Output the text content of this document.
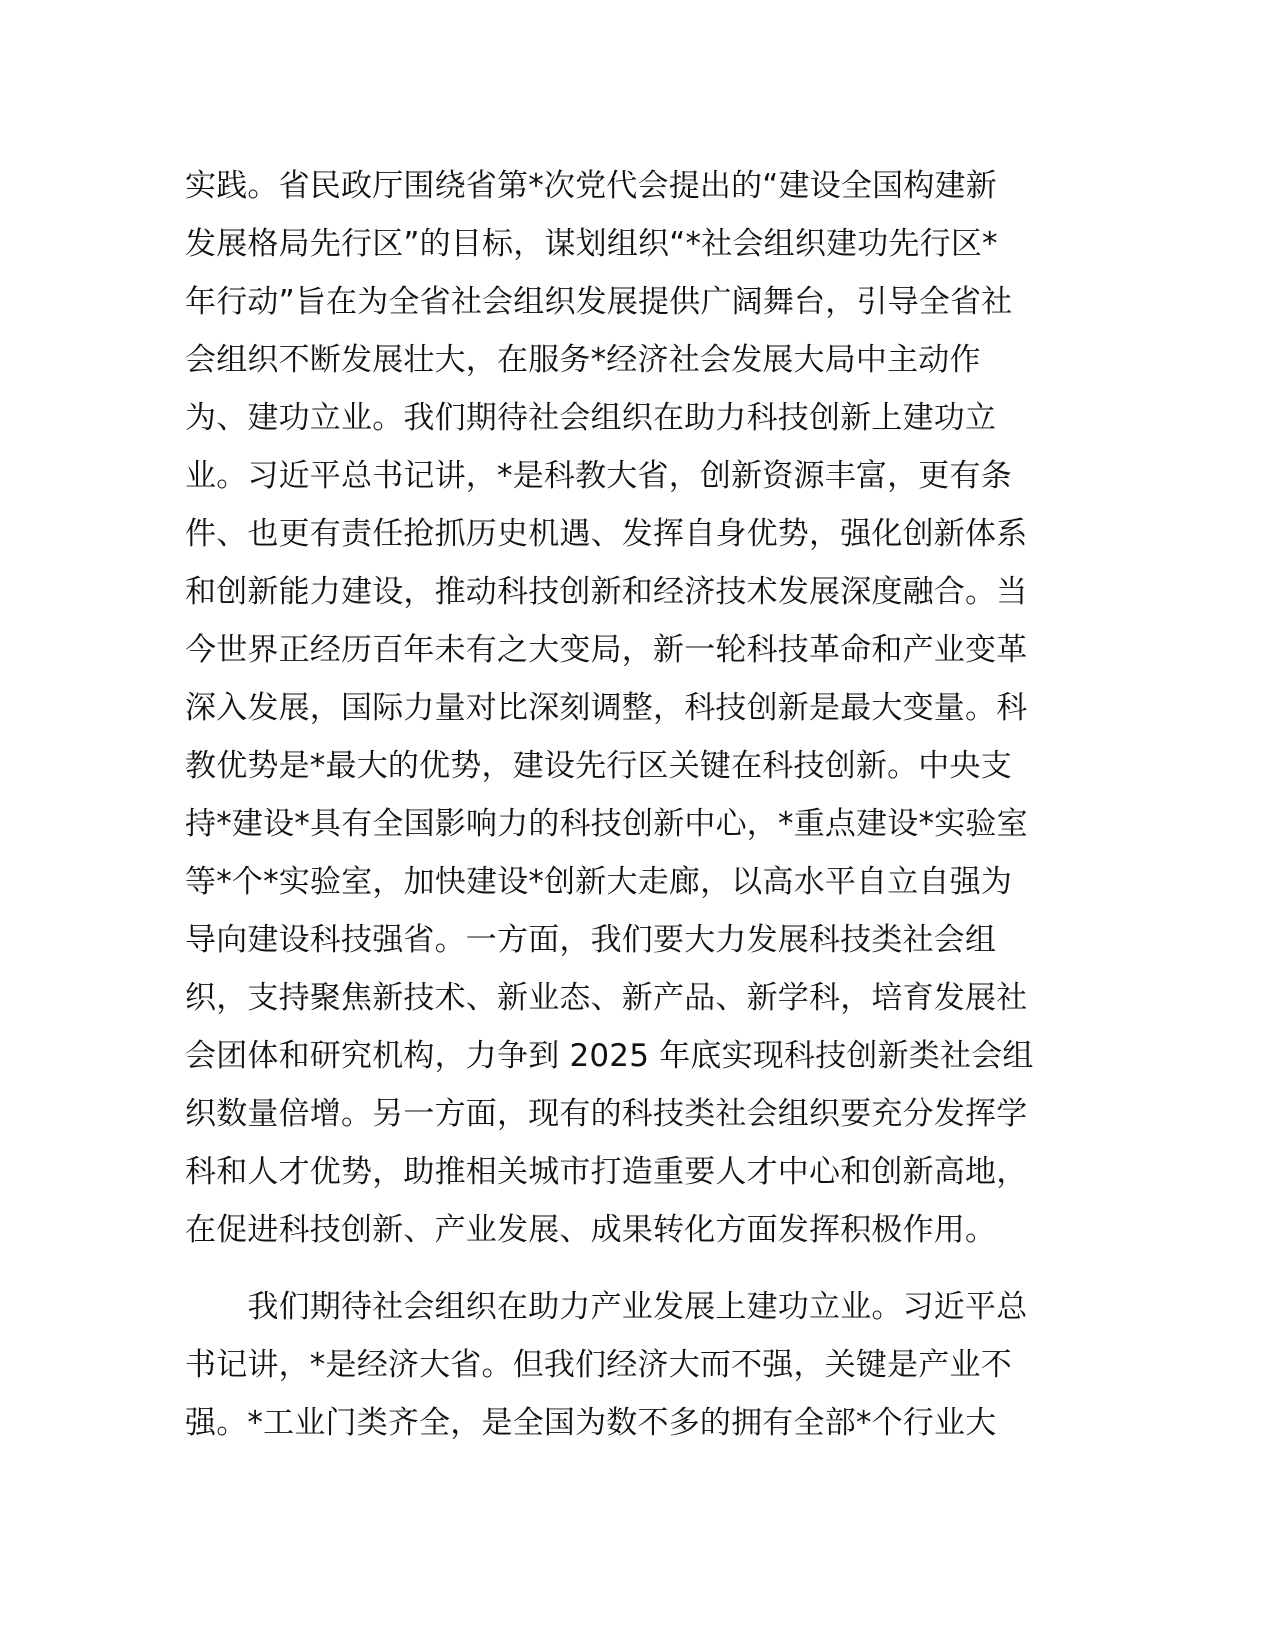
实践。省民政厅围绕省第*次党代会提出的“建设全国构建新
发展格局先行区”的目标，谋划组织“*社会组织建功先行区*
年行动”旨在为全省社会组织发展提供广阔舞台，引导全省社
会组织不断发展壮大，在服务*经济社会发展大局中主动作
为、建功立业。我们期待社会组织在助力科技创新上建功立
业。习近平总书记讲，*是科教大省，创新资源丰富，更有条
件、也更有责任抢抓历史机遇、发挥自身优势，强化创新体系
和创新能力建设，推动科技创新和经济技术发展深度融合。当
今世界正经历百年未有之大变局，新一轮科技革命和产业变革
深入发展，国际力量对比深刻调整，科技创新是最大变量。科
教优势是*最大的优势，建设先行区关键在科技创新。中央支
持*建设*具有全国影响力的科技创新中心，*重点建设*实验室
等*个*实验室，加快建设*创新大走廊，以高水平自立自强为
导向建设科技强省。一方面，我们要大力发展科技类社会组
织，支持聚焦新技术、新业态、新产品、新学科，培育发展社
会团体和研究机构，力争到 2025 年底实现科技创新类社会组
织数量倍增。另一方面，现有的科技类社会组织要充分发挥学
科和人才优势，助推相关城市打造重要人才中心和创新高地，
在促进科技创新、产业发展、成果转化方面发挥积极作用。

　　我们期待社会组织在助力产业发展上建功立业。习近平总
书记讲，*是经济大省。但我们经济大而不强，关键是产业不
强。*工业门类齐全，是全国为数不多的拥有全部*个行业大
